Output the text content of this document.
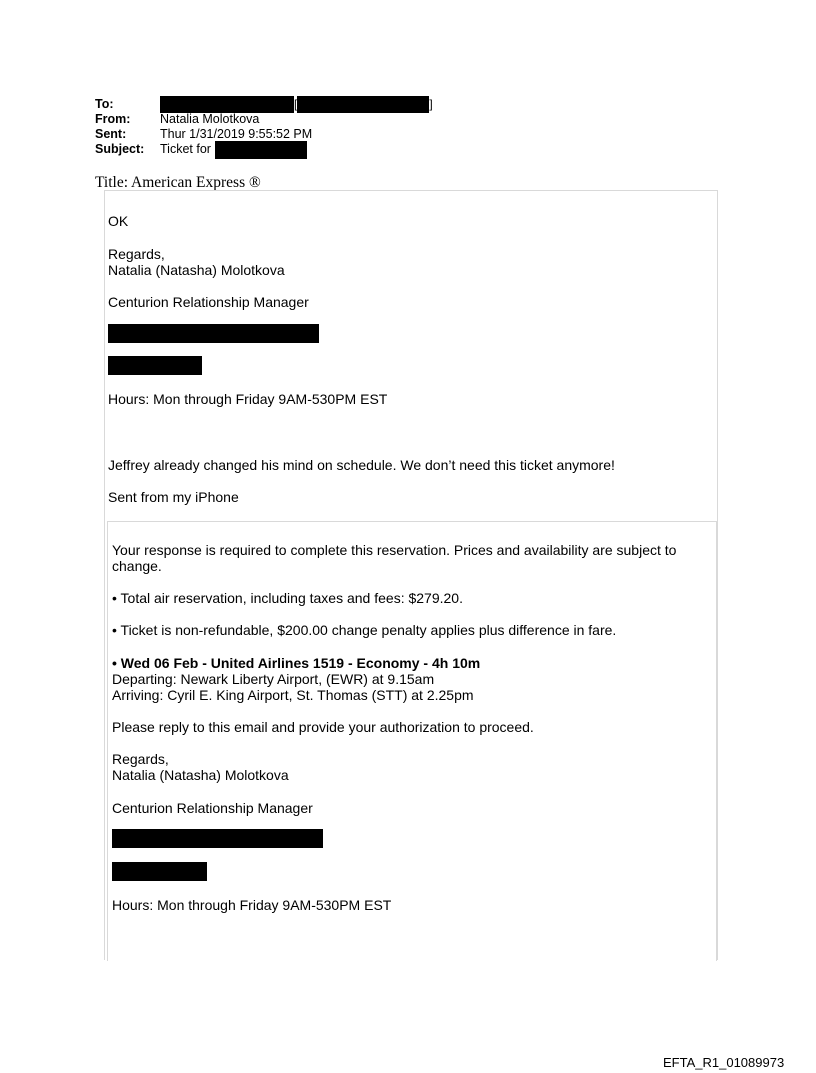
To:	[	]
From:	Natalia Molotkova
Sent:	Thur 1/31/2019 9:55:52 PM
Subject:	Ticket for
Title: American Express ®
OK
Regards,
Natalia (Natasha) Molotkova
Centurion Relationship Manager
Hours: Mon through Friday 9AM-530PM EST
Jeffrey already changed his mind on schedule. We don’t need this ticket anymore!
Sent from my iPhone
Your response is required to complete this reservation. Prices and availability are subject to change.
• Total air reservation, including taxes and fees: $279.20.
• Ticket is non-refundable, $200.00 change penalty applies plus difference in fare.
• Wed 06 Feb - United Airlines 1519 - Economy - 4h 10m
Departing: Newark Liberty Airport, (EWR) at 9.15am
Arriving: Cyril E. King Airport, St. Thomas (STT) at 2.25pm
Please reply to this email and provide your authorization to proceed.
Regards,
Natalia (Natasha) Molotkova
Centurion Relationship Manager
Hours: Mon through Friday 9AM-530PM EST
EFTA_R1_01089973
